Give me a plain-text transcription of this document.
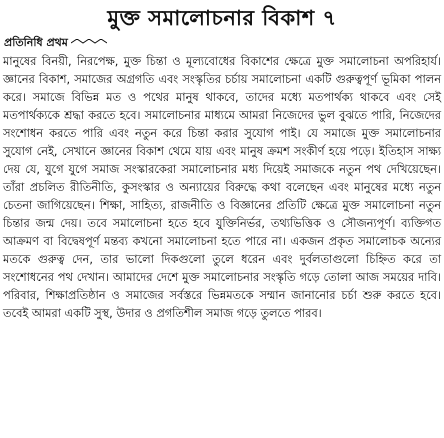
মুক্ত সমালোচনার বিকাশ ৭
প্রতিনিধি প্রথম

মানুষের বিনয়ী, নিরপেক্ষ, মুক্ত চিন্তা ও মূল্যবোধের বিকাশের ক্ষেত্রে মুক্ত সমালোচনা অপরিহার্য। জ্ঞানের বিকাশ, সমাজের অগ্রগতি এবং সংস্কৃতির চর্চায় সমালোচনা একটি গুরুত্বপূর্ণ ভূমিকা পালন করে। সমাজে বিভিন্ন মত ও পথের মানুষ থাকবে, তাদের মধ্যে মতপার্থক্য থাকবে এবং সেই মতপার্থক্যকে শ্রদ্ধা করতে হবে। সমালোচনার মাধ্যমে আমরা নিজেদের ভুল বুঝতে পারি, নিজেদের সংশোধন করতে পারি এবং নতুন করে চিন্তা করার সুযোগ পাই। যে সমাজে মুক্ত সমালোচনার সুযোগ নেই, সেখানে জ্ঞানের বিকাশ থেমে যায় এবং মানুষ ক্রমশ সংকীর্ণ হয়ে পড়ে। ইতিহাস সাক্ষ্য দেয় যে, যুগে যুগে সমাজ সংস্কারকেরা সমালোচনার মধ্য দিয়েই সমাজকে নতুন পথ দেখিয়েছেন। তাঁরা প্রচলিত রীতিনীতি, কুসংস্কার ও অন্যায়ের বিরুদ্ধে কথা বলেছেন এবং মানুষের মধ্যে নতুন চেতনা জাগিয়েছেন। শিক্ষা, সাহিত্য, রাজনীতি ও বিজ্ঞানের প্রতিটি ক্ষেত্রে মুক্ত সমালোচনা নতুন চিন্তার জন্ম দেয়। তবে সমালোচনা হতে হবে যুক্তিনির্ভর, তথ্যভিত্তিক ও সৌজন্যপূর্ণ। ব্যক্তিগত আক্রমণ বা বিদ্বেষপূর্ণ মন্তব্য কখনো সমালোচনা হতে পারে না। একজন প্রকৃত সমালোচক অন্যের মতকে গুরুত্ব দেন, তার ভালো দিকগুলো তুলে ধরেন এবং দুর্বলতাগুলো চিহ্নিত করে তা সংশোধনের পথ দেখান। আমাদের দেশে মুক্ত সমালোচনার সংস্কৃতি গড়ে তোলা আজ সময়ের দাবি। পরিবার, শিক্ষাপ্রতিষ্ঠান ও সমাজের সর্বস্তরে ভিন্নমতকে সম্মান জানানোর চর্চা শুরু করতে হবে। তবেই আমরা একটি সুস্থ, উদার ও প্রগতিশীল সমাজ গড়ে তুলতে পারব।
